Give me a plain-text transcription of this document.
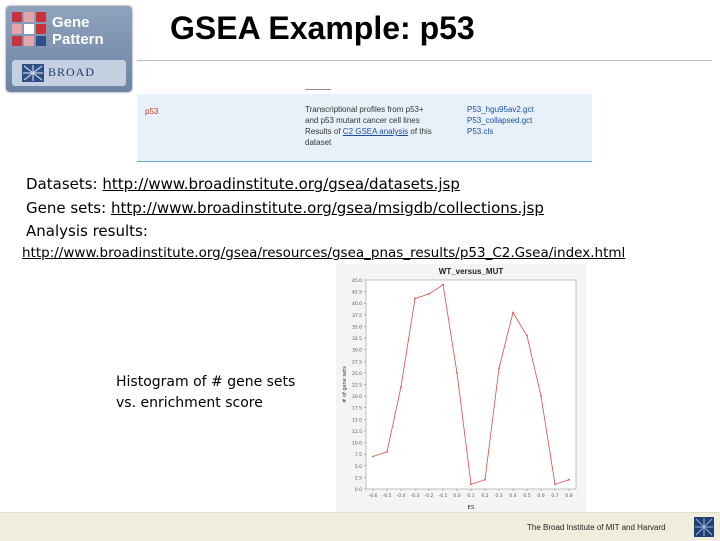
Gene
Pattern
BROAD
GSEA Example: p53
p53	Transcriptional profiles from p53+
and p53 mutant cancer cell lines
Results of C2 GSEA analysis of this
dataset
P53_hgu95av2.gct
P53_collapsed.gct
P53.cls
Datasets: http://www.broadinstitute.org/gsea/datasets.jsp
Gene sets: http://www.broadinstitute.org/gsea/msigdb/collections.jsp
Analysis results:
http://www.broadinstitute.org/gsea/resources/gsea_pnas_results/p53_C2.Gsea/index.html
Histogram of # gene sets
vs. enrichment score
WT_versus_MUT
0.0
2.5
5.0
7.5
10.0
12.5
15.0
17.5
20.0
22.5
25.0
27.5
30.0
32.5
35.0
37.5
40.0
42.5
45.0
-0.6 -0.5 -0.4 -0.3 -0.2 -0.1 0.0 0.1 0.2 0.3 0.4 0.5 0.6 0.7 0.8
ES
# of gene sets
The Broad Institute of MIT and Harvard
